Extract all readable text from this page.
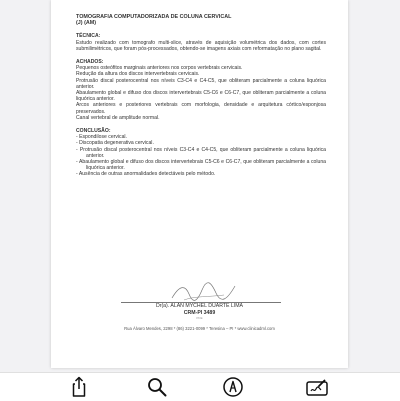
TOMOGRAFIA COMPUTADORIZADA DE COLUNA CERVICAL

(J) (AM)

TÉCNICA:

Estudo realizado com tomografo multi-slice, através de aquisição volumétrica dos dados, com cortes submilimétricos, que foram pós-processados, obtendo-se imagens axiais com reformatação no plano sagital.

ACHADOS:

Pequenos osteófitos marginais anteriores nos corpos vertebrais cervicais.

Redução da altura dos discos intervertebrais cervicais.

Protrusão discal posterocentral nos níveis C3-C4 e C4-C5, que obliteram parcialmente a coluna liquórica anterior.

Abaulamento global e difuso dos discos intervertebrais C5-C6 e C6-C7, que obliteram parcialmente a coluna liquórica anterior.

Arcos anteriores e posteriores vertebrais com morfologia, densidade e arquitetura córtico/esponjosa preservados.

Canal vertebral de amplitude normal.

CONCLUSÃO:

- Espondilose cervical.

- Discopatia degenerativa cervical.

- Protrusão discal posterocentral nos níveis C3-C4 e C4-C5, que obliteram parcialmente a coluna liquórica anterior.

- Abaulamento global e difuso dos discos intervertebrais C5-C6 e C6-C7, que obliteram parcialmente a coluna liquórica anterior.

- Ausência de outras anormalidades detectáveis pelo método.

Dr(a). ALAN MYCHEL DUARTE LIMA
CRM-PI 3489
PDE
Rua Álvaro Mendes, 2298 * (86) 3221-0099 * Teresina – PI * www.clinicadml.com
